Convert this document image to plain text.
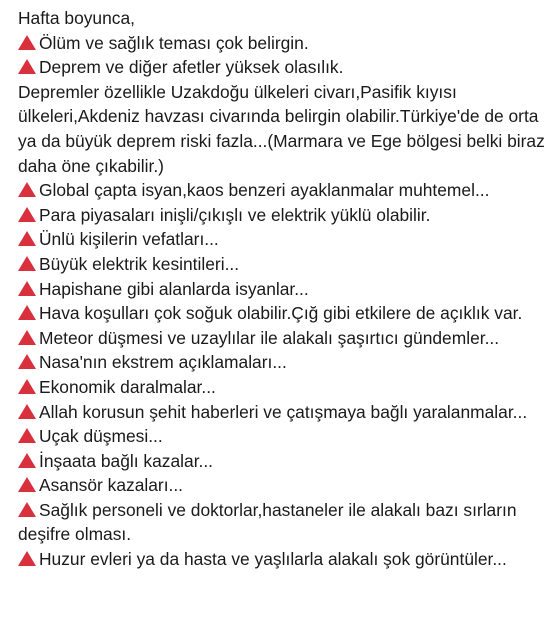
Hafta boyunca,

Ölüm ve sağlık teması çok belirgin.

Deprem ve diğer afetler yüksek olasılık.

Depremler özellikle Uzakdoğu ülkeleri civarı,Pasifik kıyısı ülkeleri,Akdeniz havzası civarında belirgin olabilir.Türkiye'de de orta ya da büyük deprem riski fazla...(Marmara ve Ege bölgesi belki biraz daha öne çıkabilir.)

Global çapta isyan,kaos benzeri ayaklanmalar muhtemel...

Para piyasaları inişli/çıkışlı ve elektrik yüklü olabilir.

Ünlü kişilerin vefatları...

Büyük elektrik kesintileri...

Hapishane gibi alanlarda isyanlar...

Hava koşulları çok soğuk olabilir.Çığ gibi etkilere de açıklık var.

Meteor düşmesi ve uzaylılar ile alakalı şaşırtıcı gündemler...

Nasa'nın ekstrem açıklamaları...

Ekonomik daralmalar...

Allah korusun şehit haberleri ve çatışmaya bağlı yaralanmalar...

Uçak düşmesi...

İnşaata bağlı kazalar...

Asansör kazaları...

Sağlık personeli ve doktorlar,hastaneler ile alakalı bazı sırların deşifre olması.

Huzur evleri ya da hasta ve yaşlılarla alakalı şok görüntüler...
